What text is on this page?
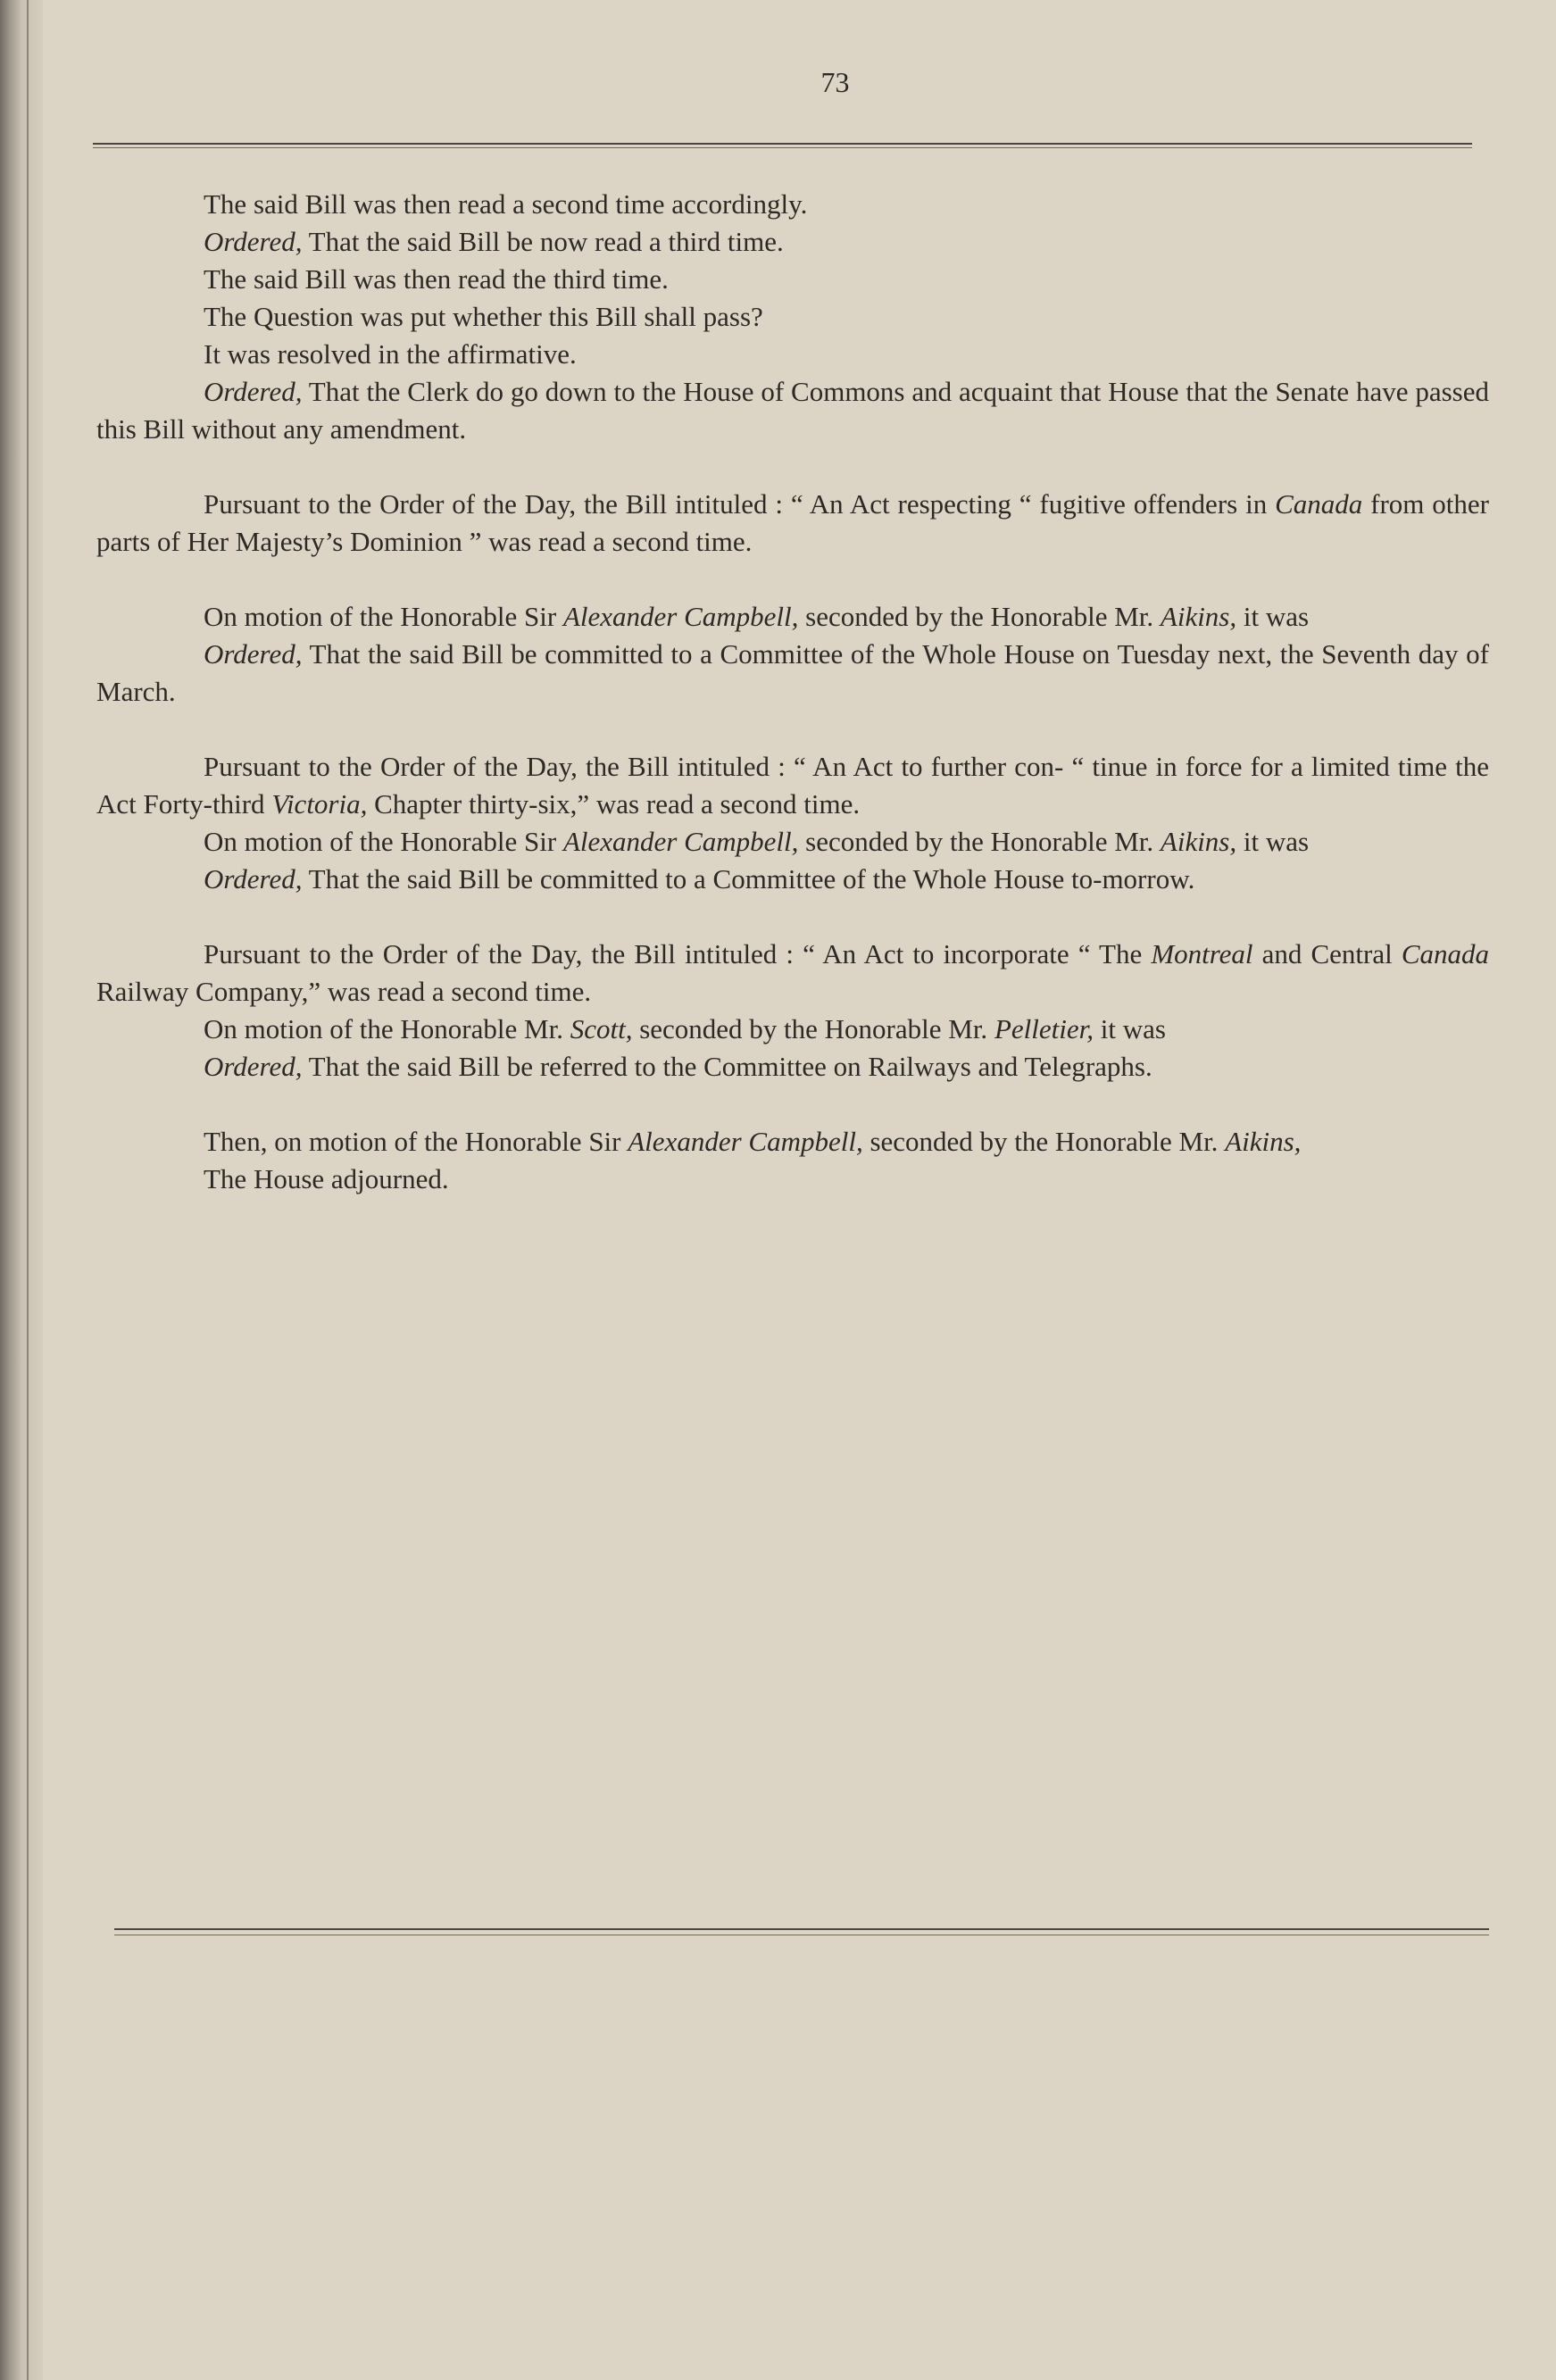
73

The said Bill was then read a second time accordingly.

Ordered, That the said Bill be now read a third time.

The said Bill was then read the third time.

The Question was put whether this Bill shall pass?

It was resolved in the affirmative.

Ordered, That the Clerk do go down to the House of Commons and acquaint that House that the Senate have passed this Bill without any amendment.

Pursuant to the Order of the Day, the Bill intituled : “ An Act respecting “ fugitive offenders in Canada from other parts of Her Majesty’s Dominion ” was read a second time.

On motion of the Honorable Sir Alexander Campbell, seconded by the Honorable Mr. Aikins, it was

Ordered, That the said Bill be committed to a Committee of the Whole House on Tuesday next, the Seventh day of March.

Pursuant to the Order of the Day, the Bill intituled : “ An Act to further con- “ tinue in force for a limited time the Act Forty-third Victoria, Chapter thirty-six,” was read a second time.

On motion of the Honorable Sir Alexander Campbell, seconded by the Honorable Mr. Aikins, it was

Ordered, That the said Bill be committed to a Committee of the Whole House to-morrow.

Pursuant to the Order of the Day, the Bill intituled : “ An Act to incorporate “ The Montreal and Central Canada Railway Company,” was read a second time.

On motion of the Honorable Mr. Scott, seconded by the Honorable Mr. Pelletier, it was

Ordered, That the said Bill be referred to the Committee on Railways and Telegraphs.

Then, on motion of the Honorable Sir Alexander Campbell, seconded by the Honorable Mr. Aikins,

The House adjourned.
